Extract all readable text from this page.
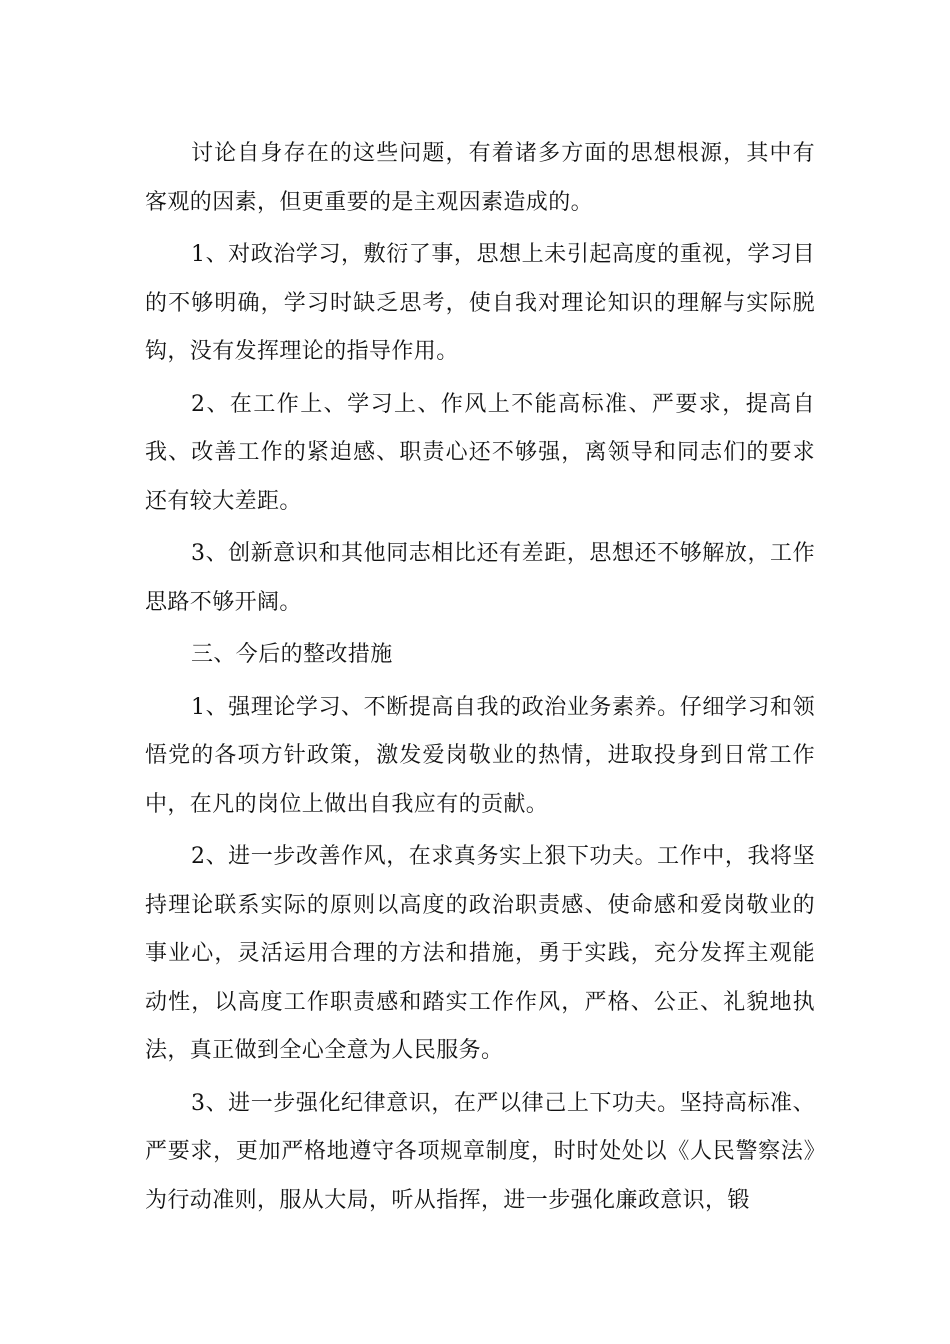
讨论自身存在的这些问题，有着诸多方面的思想根源，其中有客观的因素，但更重要的是主观因素造成的。

1、对政治学习，敷衍了事，思想上未引起高度的重视，学习目的不够明确，学习时缺乏思考，使自我对理论知识的理解与实际脱钩，没有发挥理论的指导作用。

2、在工作上、学习上、作风上不能高标准、严要求，提高自我、改善工作的紧迫感、职责心还不够强，离领导和同志们的要求还有较大差距。

3、创新意识和其他同志相比还有差距，思想还不够解放，工作思路不够开阔。

三、今后的整改措施

1、强理论学习、不断提高自我的政治业务素养。仔细学习和领悟党的各项方针政策，激发爱岗敬业的热情，进取投身到日常工作中，在凡的岗位上做出自我应有的贡献。

2、进一步改善作风，在求真务实上狠下功夫。工作中，我将坚持理论联系实际的原则以高度的政治职责感、使命感和爱岗敬业的事业心，灵活运用合理的方法和措施，勇于实践，充分发挥主观能动性，以高度工作职责感和踏实工作作风，严格、公正、礼貌地执法，真正做到全心全意为人民服务。

3、进一步强化纪律意识，在严以律己上下功夫。坚持高标准、严要求，更加严格地遵守各项规章制度，时时处处以《人民警察法》为行动准则，服从大局，听从指挥，进一步强化廉政意识，锻
